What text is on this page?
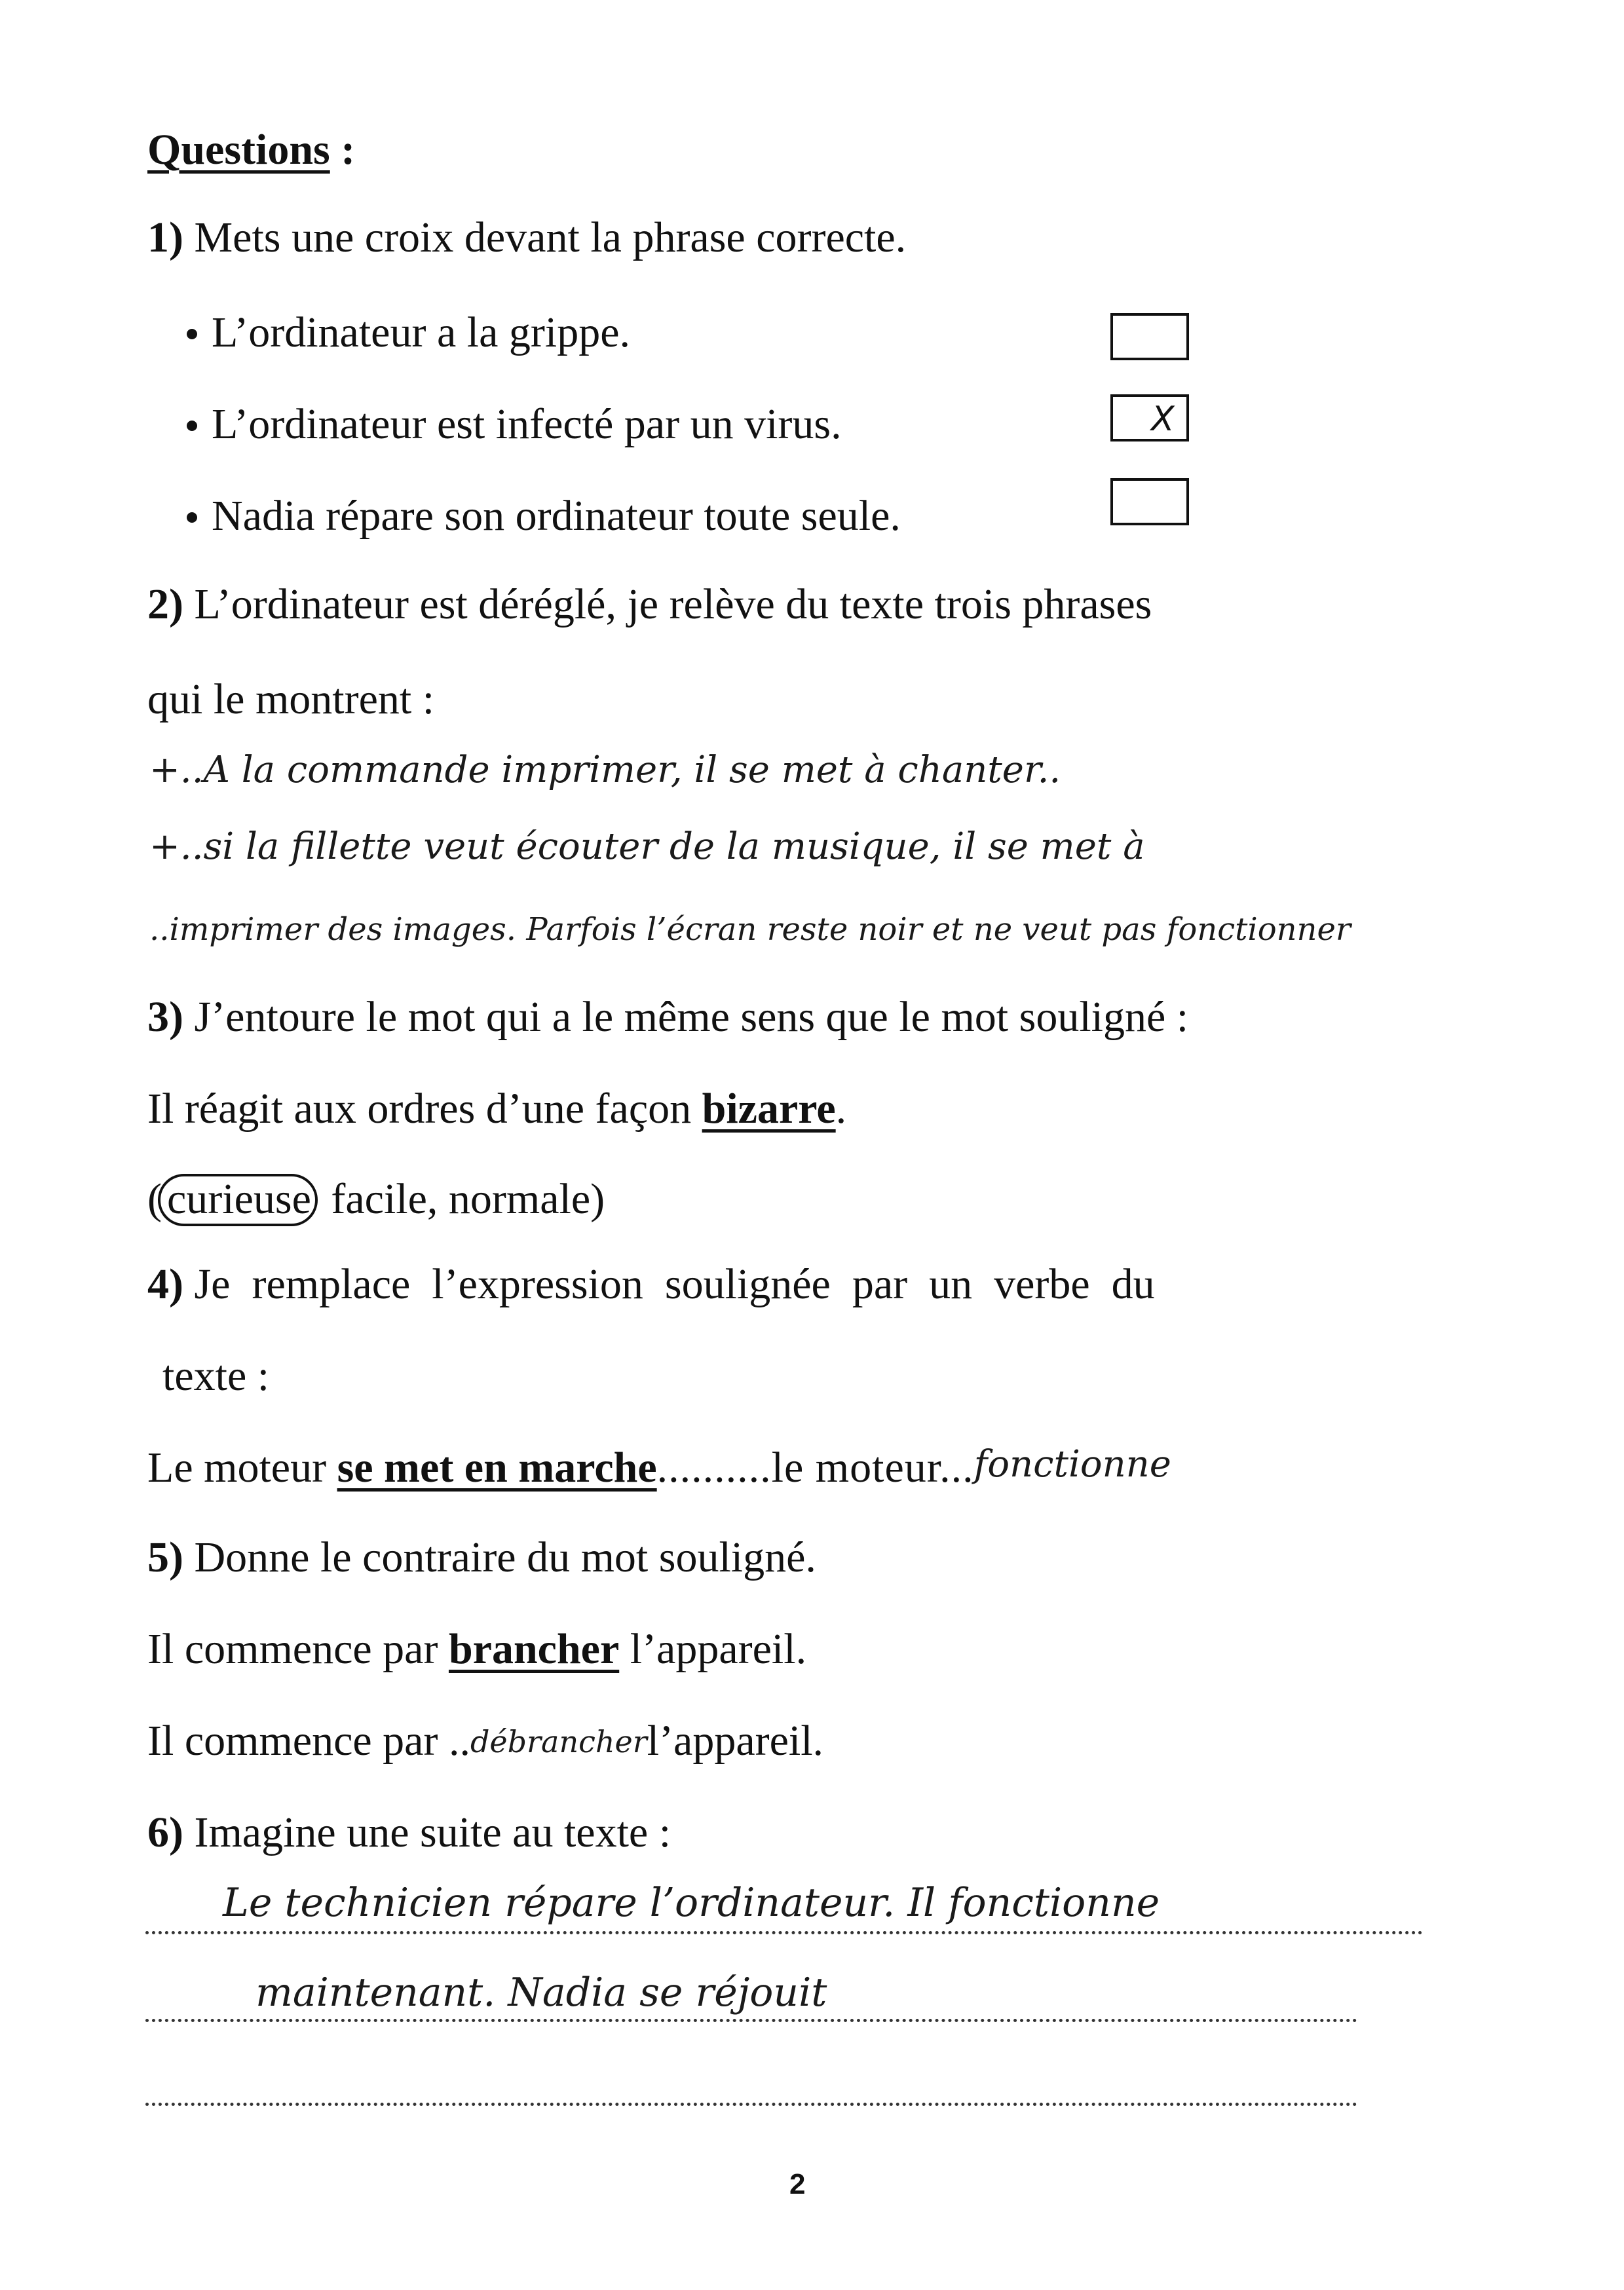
Questions :
1) Mets une croix devant la phrase correcte.
L’ordinateur a la grippe.
L’ordinateur est infecté par un virus.	X
Nadia répare son ordinateur toute seule.
2) L’ordinateur est déréglé, je relève du texte trois phrases
qui le montrent :
+..A la commande imprimer, il se met à chanter..
+..si la fillette veut écouter de la musique, il se met à
..imprimer des images. Parfois l’écran reste noir et ne veut pas fonctionner
3) J’entoure le mot qui a le même sens que le mot souligné :
Il réagit aux ordres d’une façon bizarre.
( curieuse facile, normale)
4) Je  remplace  l’expression  soulignée  par  un  verbe  du
texte :
Le moteur se met en marche..........le moteur...fonctionne
5) Donne le contraire du mot souligné.
Il commence par brancher l’appareil.
Il commence par ..débrancherl’appareil.
6) Imagine une suite au texte :
Le technicien répare l’ordinateur. Il fonctionne
maintenant. Nadia se réjouit
2
